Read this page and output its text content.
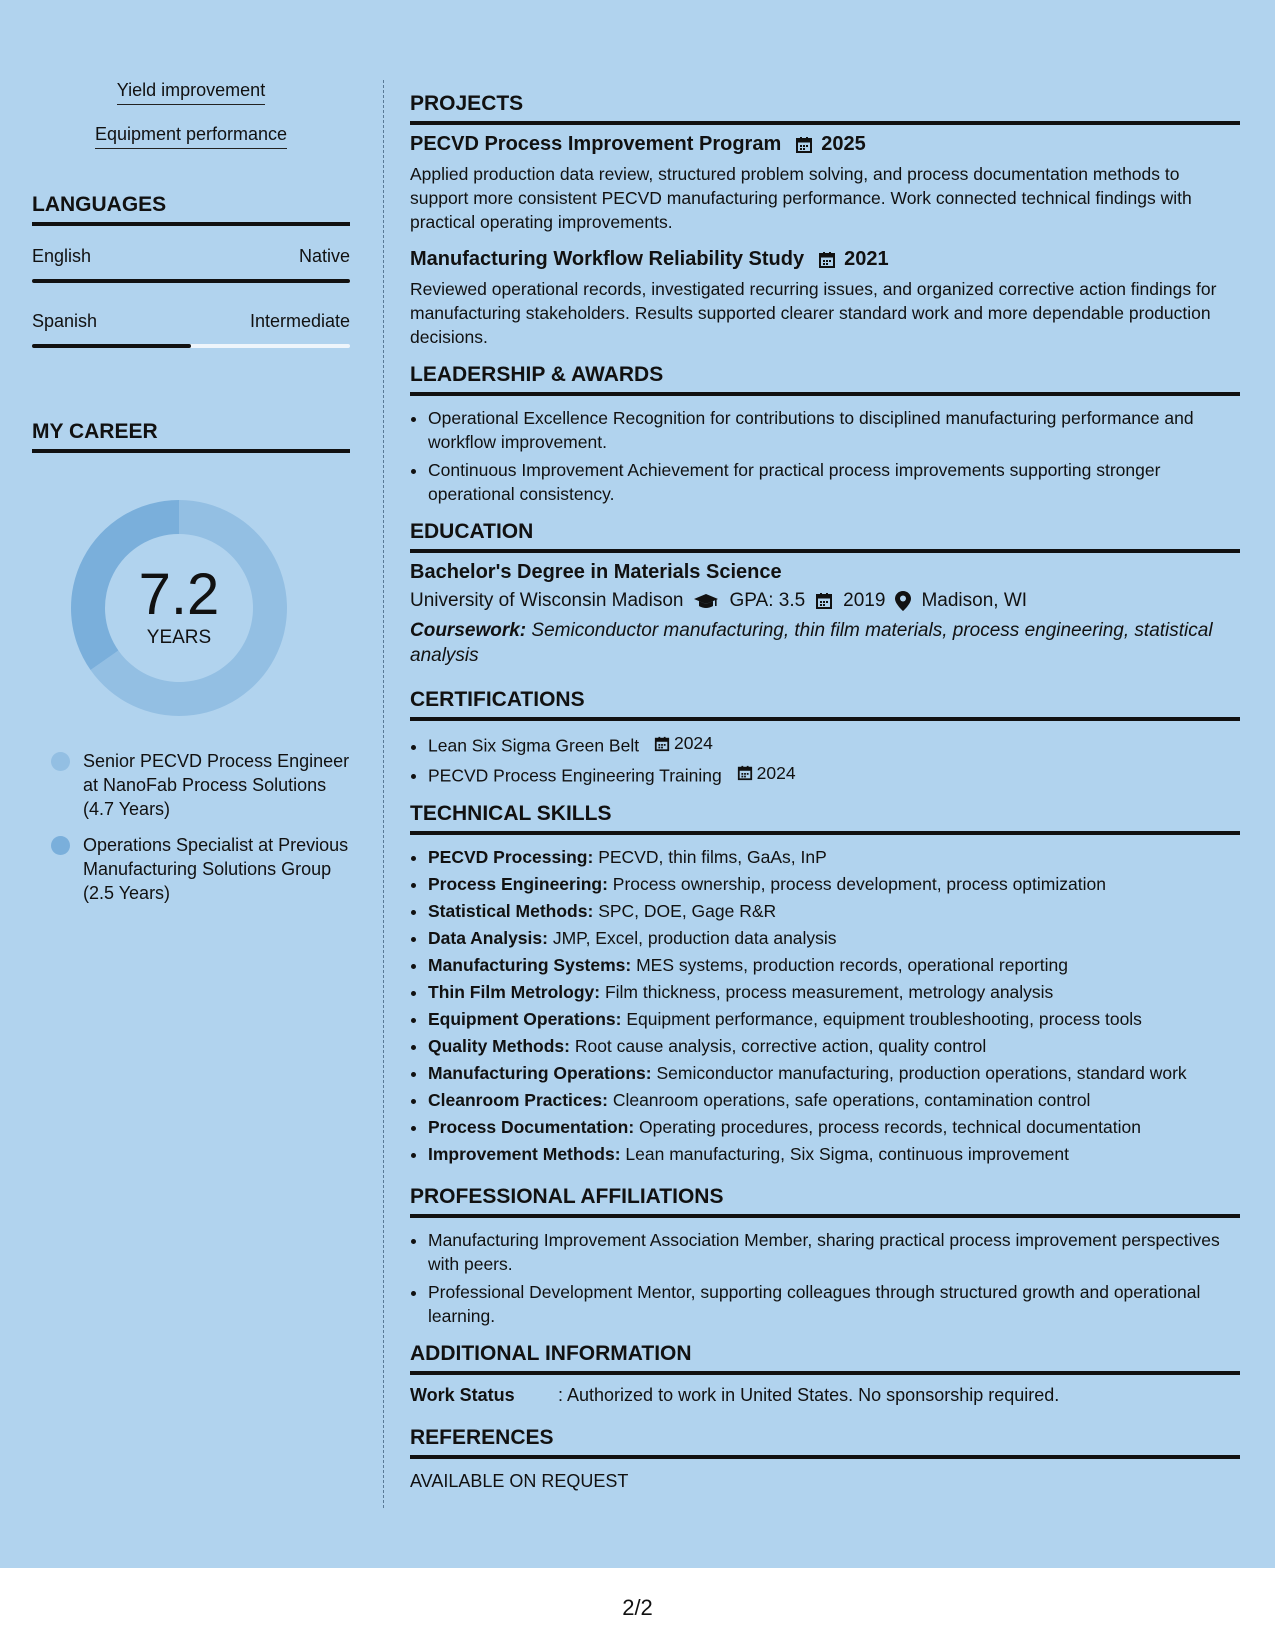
Yield improvement
Equipment performance
LANGUAGES
English	Native
Spanish	Intermediate
MY CAREER
7.2
YEARS
Senior PECVD Process Engineer at NanoFab Process Solutions (4.7 Years)
Operations Specialist at Previous Manufacturing Solutions Group (2.5 Years)
PROJECTS
PECVD Process Improvement Program 2025
Applied production data review, structured problem solving, and process documentation methods to support more consistent PECVD manufacturing performance. Work connected technical findings with practical operating improvements.
Manufacturing Workflow Reliability Study 2021
Reviewed operational records, investigated recurring issues, and organized corrective action findings for manufacturing stakeholders. Results supported clearer standard work and more dependable production decisions.
LEADERSHIP & AWARDS
• Operational Excellence Recognition for contributions to disciplined manufacturing performance and workflow improvement.
• Continuous Improvement Achievement for practical process improvements supporting stronger operational consistency.
EDUCATION
Bachelor's Degree in Materials Science
University of Wisconsin Madison GPA: 3.5 2019 Madison, WI
Coursework: Semiconductor manufacturing, thin film materials, process engineering, statistical analysis
CERTIFICATIONS
• Lean Six Sigma Green Belt 2024
• PECVD Process Engineering Training 2024
TECHNICAL SKILLS
• PECVD Processing: PECVD, thin films, GaAs, InP
• Process Engineering: Process ownership, process development, process optimization
• Statistical Methods: SPC, DOE, Gage R&R
• Data Analysis: JMP, Excel, production data analysis
• Manufacturing Systems: MES systems, production records, operational reporting
• Thin Film Metrology: Film thickness, process measurement, metrology analysis
• Equipment Operations: Equipment performance, equipment troubleshooting, process tools
• Quality Methods: Root cause analysis, corrective action, quality control
• Manufacturing Operations: Semiconductor manufacturing, production operations, standard work
• Cleanroom Practices: Cleanroom operations, safe operations, contamination control
• Process Documentation: Operating procedures, process records, technical documentation
• Improvement Methods: Lean manufacturing, Six Sigma, continuous improvement
PROFESSIONAL AFFILIATIONS
• Manufacturing Improvement Association Member, sharing practical process improvement perspectives with peers.
• Professional Development Mentor, supporting colleagues through structured growth and operational learning.
ADDITIONAL INFORMATION
Work Status	: Authorized to work in United States. No sponsorship required.
REFERENCES
AVAILABLE ON REQUEST
2/2
